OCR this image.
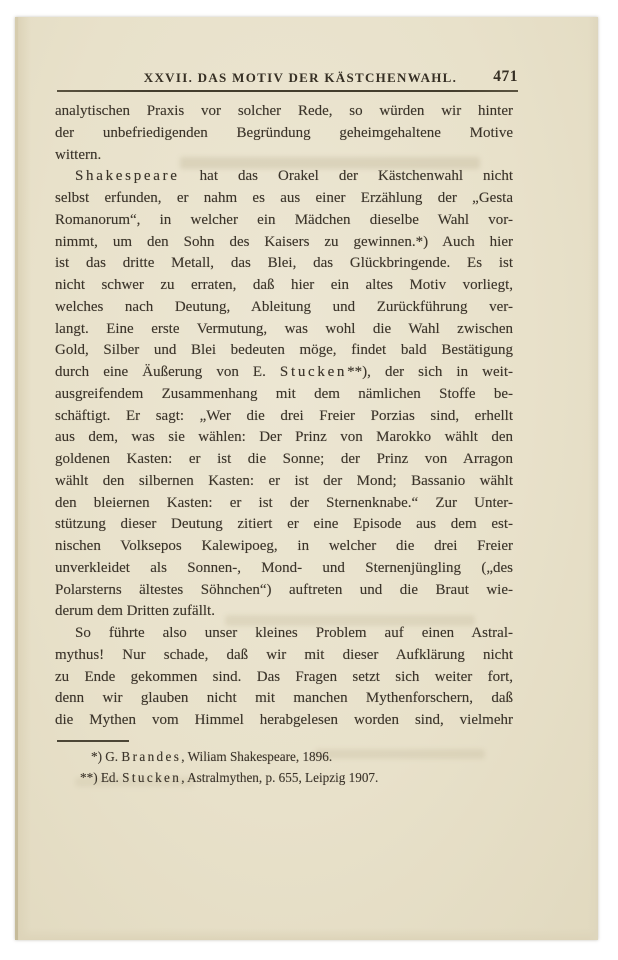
XXVII. DAS MOTIV DER KÄSTCHENWAHL. 471
analytischen Praxis vor solcher Rede, so würden wir hinter
der unbefriedigenden Begründung geheimgehaltene Motive
wittern.
Shakespeare hat das Orakel der Kästchenwahl nicht
selbst erfunden, er nahm es aus einer Erzählung der „Gesta
Romanorum“, in welcher ein Mädchen dieselbe Wahl vor-
nimmt, um den Sohn des Kaisers zu gewinnen.*) Auch hier
ist das dritte Metall, das Blei, das Glückbringende. Es ist
nicht schwer zu erraten, daß hier ein altes Motiv vorliegt,
welches nach Deutung, Ableitung und Zurückführung ver-
langt. Eine erste Vermutung, was wohl die Wahl zwischen
Gold, Silber und Blei bedeuten möge, findet bald Bestätigung
durch eine Äußerung von E. Stucken**), der sich in weit-
ausgreifendem Zusammenhang mit dem nämlichen Stoffe be-
schäftigt. Er sagt: „Wer die drei Freier Porzias sind, erhellt
aus dem, was sie wählen: Der Prinz von Marokko wählt den
goldenen Kasten: er ist die Sonne; der Prinz von Arragon
wählt den silbernen Kasten: er ist der Mond; Bassanio wählt
den bleiernen Kasten: er ist der Sternenknabe.“ Zur Unter-
stützung dieser Deutung zitiert er eine Episode aus dem est-
nischen Volksepos Kalewipoeg, in welcher die drei Freier
unverkleidet als Sonnen-, Mond- und Sternenjüngling („des
Polarsterns ältestes Söhnchen“) auftreten und die Braut wie-
derum dem Dritten zufällt.
So führte also unser kleines Problem auf einen Astral-
mythus! Nur schade, daß wir mit dieser Aufklärung nicht
zu Ende gekommen sind. Das Fragen setzt sich weiter fort,
denn wir glauben nicht mit manchen Mythenforschern, daß
die Mythen vom Himmel herabgelesen worden sind, vielmehr
*) G. Brandes, Wiliam Shakespeare, 1896.
**) Ed. Stucken, Astralmythen, p. 655, Leipzig 1907.
